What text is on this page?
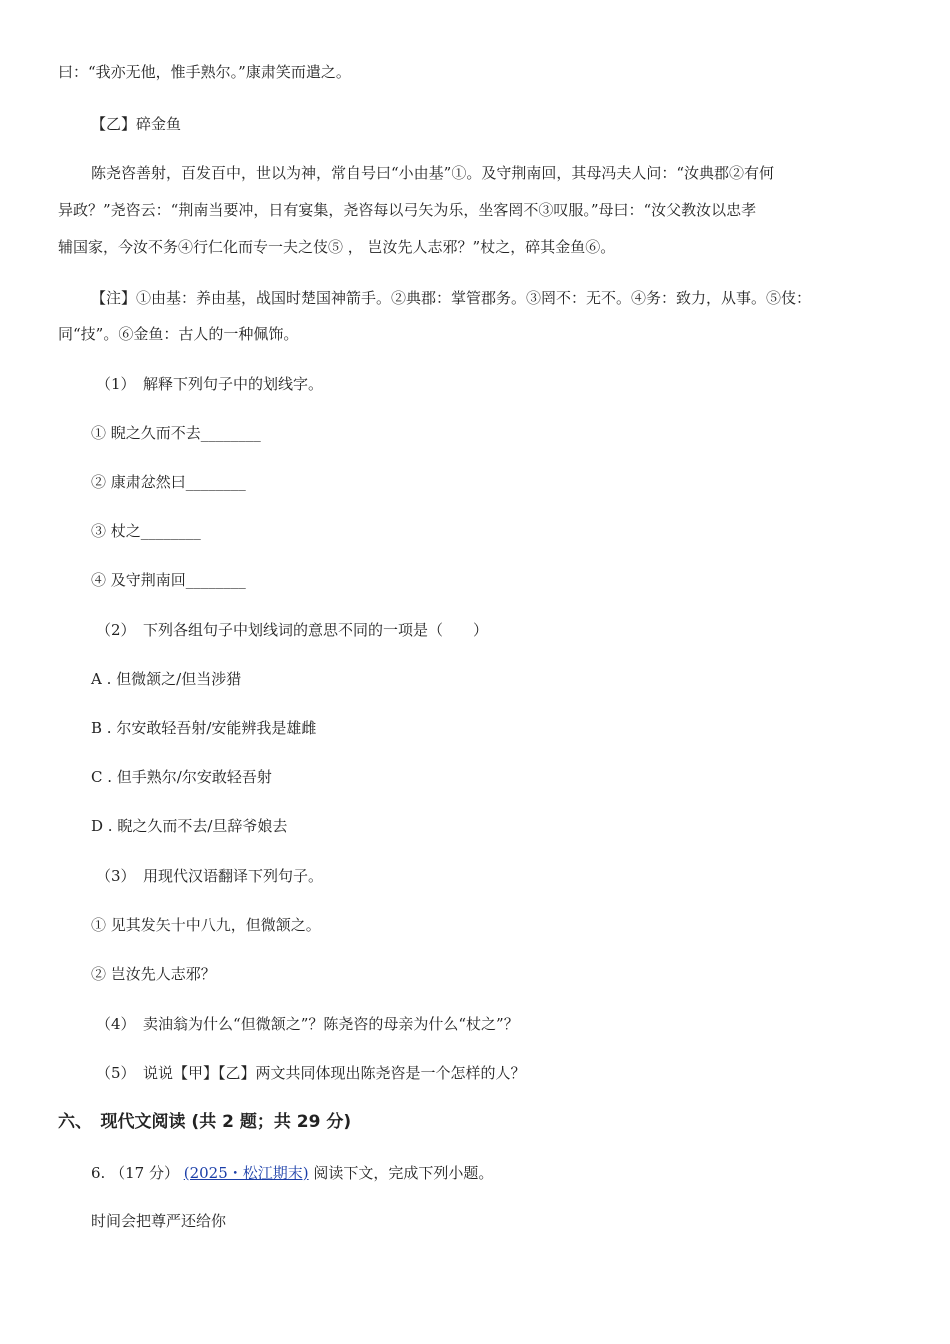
曰：“我亦无他，惟手熟尔。”康肃笑而遣之。
【乙】碎金鱼
陈尧咨善射，百发百中，世以为神，常自号曰“小由基”①。及守荆南回，其母冯夫人问：“汝典郡②有何
异政？”尧咨云：“荆南当要冲，日有宴集，尧咨每以弓矢为乐，坐客罔不③叹服。”母曰：“汝父教汝以忠孝
辅国家，今汝不务④行仁化而专一夫之伎⑤ ， 岂汝先人志邪？”杖之，碎其金鱼⑥。
【注】①由基：养由基，战国时楚国神箭手。②典郡：掌管郡务。③罔不：无不。④务：致力，从事。⑤伎：
同“技”。⑥金鱼：古人的一种佩饰。
（1）　解释下列句子中的划线字。
① 睨之久而不去________
② 康肃忿然曰________
③ 杖之________
④ 及守荆南回________
（2）　下列各组句子中划线词的意思不同的一项是（　　）
A . 但微颔之/但当涉猎
B . 尔安敢轻吾射/安能辨我是雄雌
C . 但手熟尔/尔安敢轻吾射
D . 睨之久而不去/旦辞爷娘去
（3）　用现代汉语翻译下列句子。
① 见其发矢十中八九，但微颔之。
② 岂汝先人志邪？
（4）　卖油翁为什么“但微颔之”？陈尧咨的母亲为什么“杖之”？
（5）　说说【甲】【乙】两文共同体现出陈尧咨是一个怎样的人？
六、　现代文阅读 (共 2 题；共 29 分)
6. （17 分） (2025・松江期末) 阅读下文，完成下列小题。
时间会把尊严还给你
